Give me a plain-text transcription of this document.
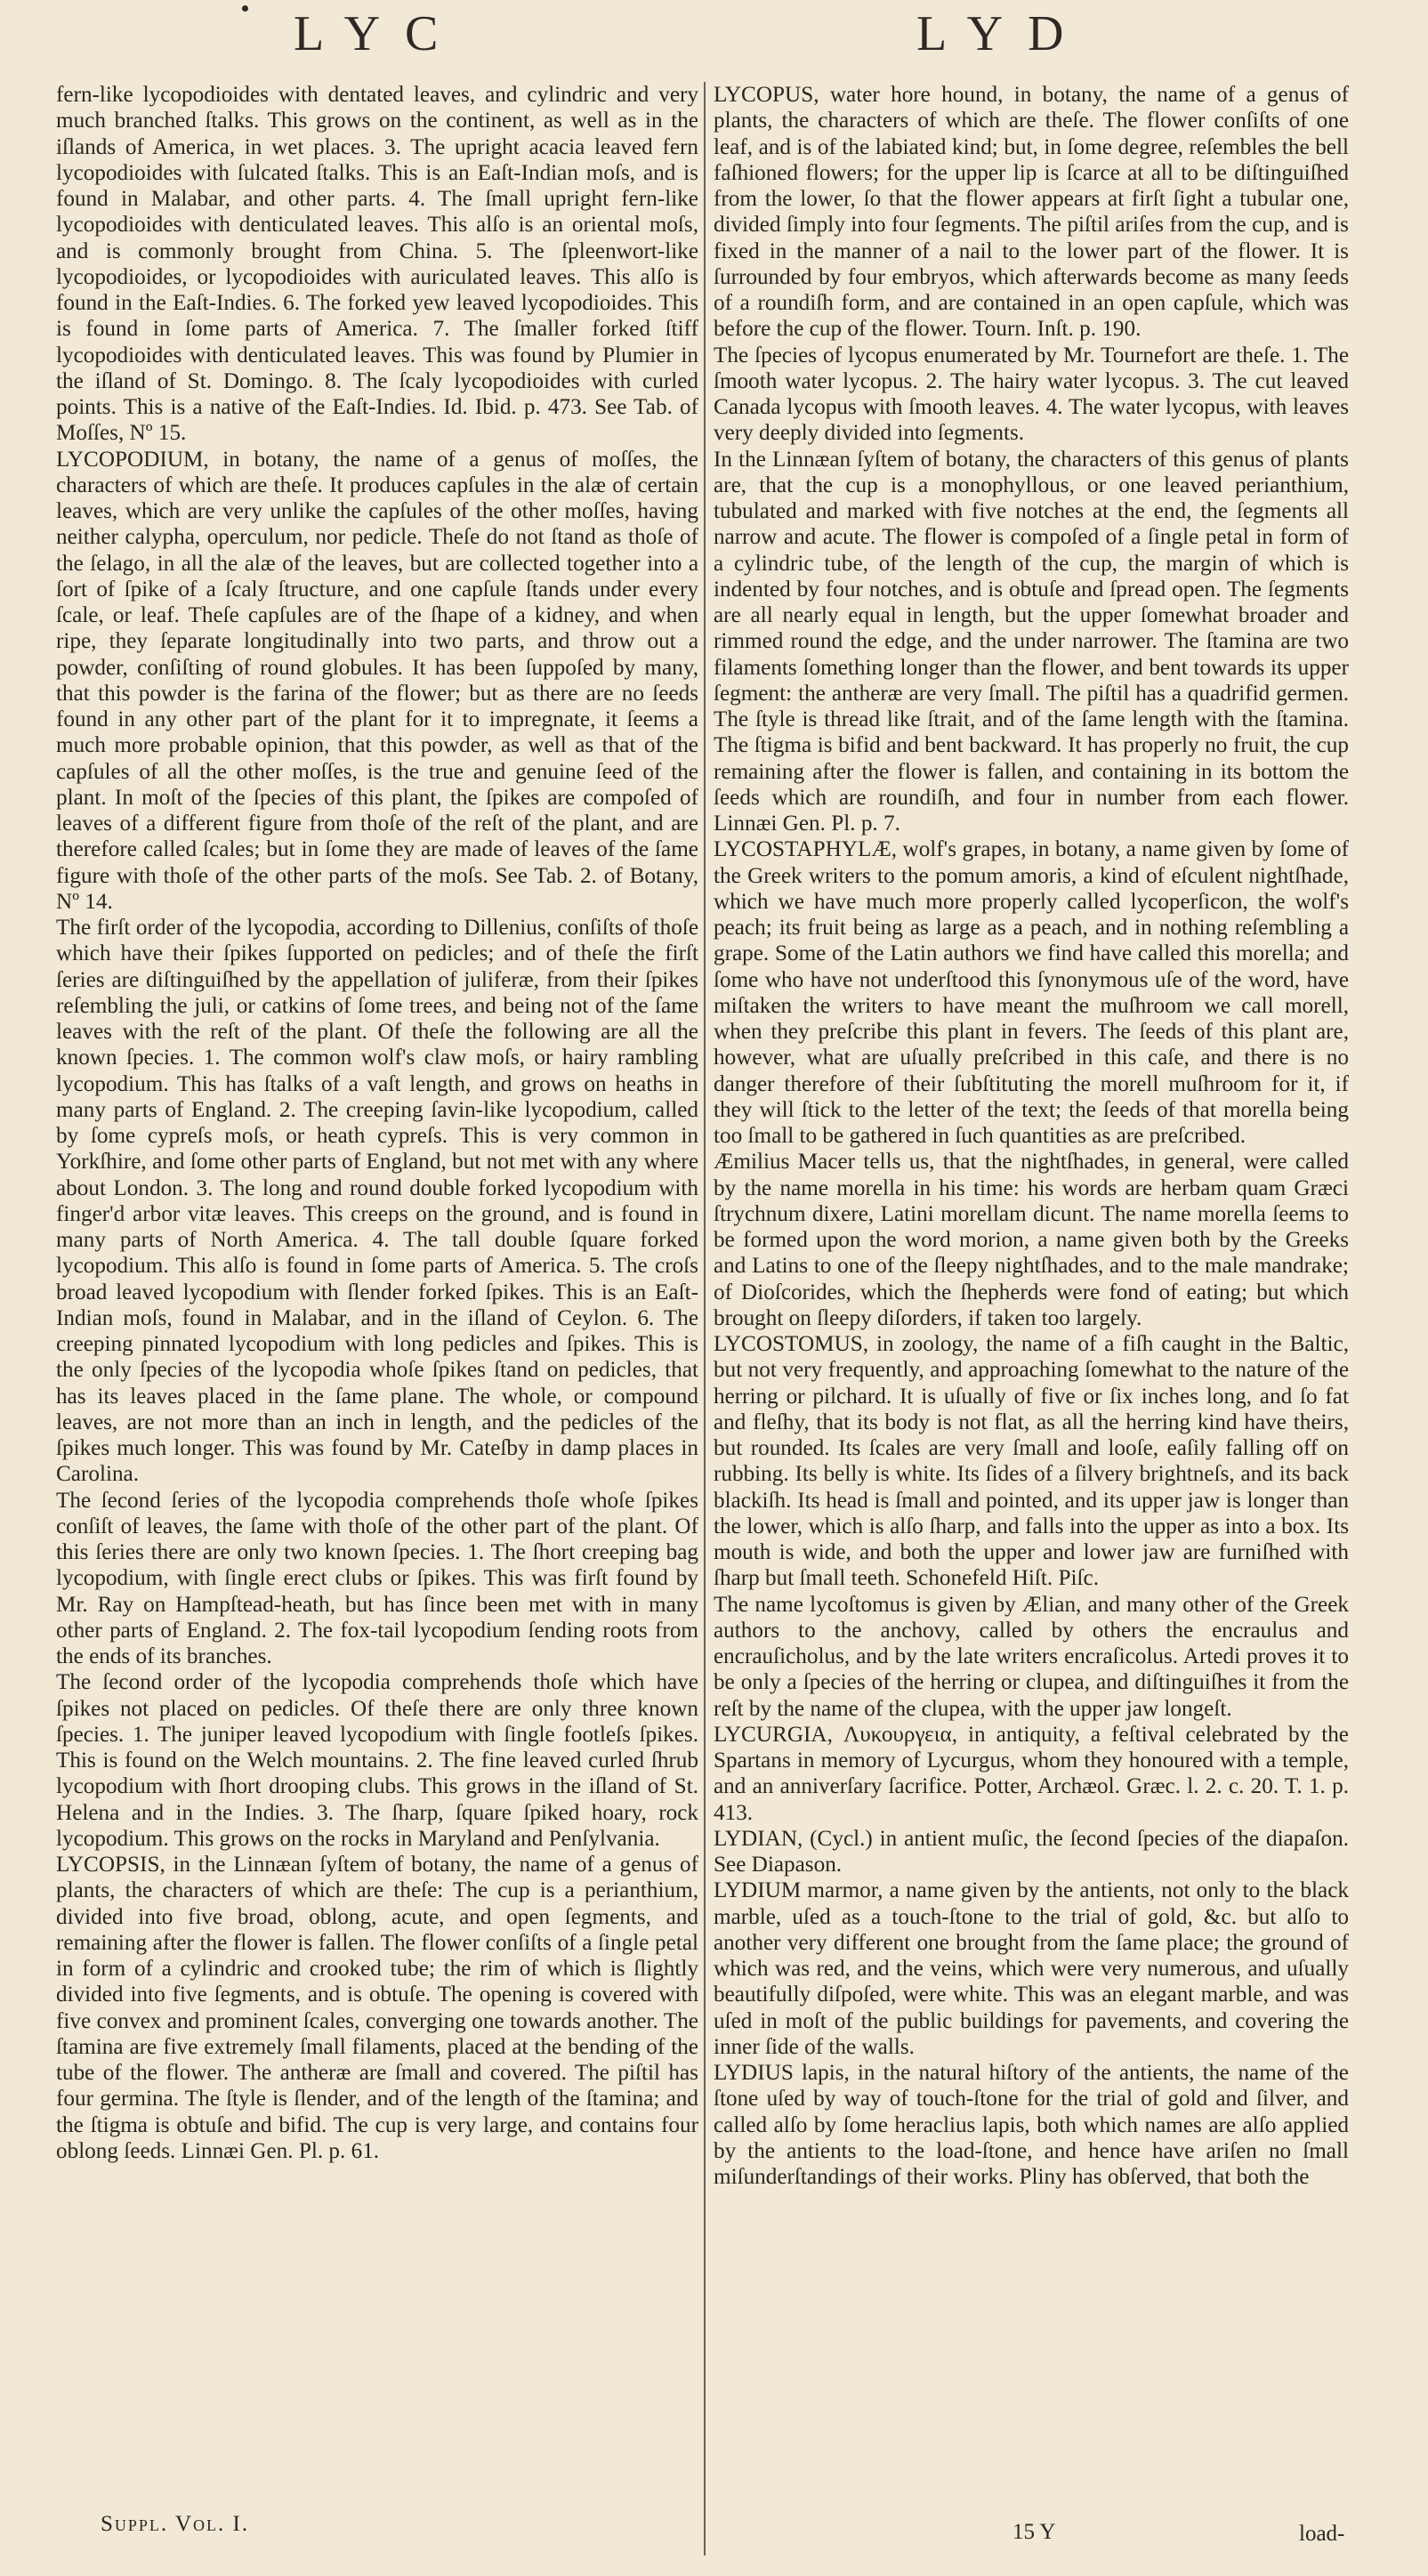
LYC	LYD

fern-like lycopodioides with dentated leaves, and cylindric and very much branched ſtalks. This grows on the continent, as well as in the iſlands of America, in wet places. 3. The upright acacia leaved fern lycopodioides with ſulcated ſtalks. This is an Eaſt-Indian moſs, and is found in Malabar, and other parts. 4. The ſmall upright fern-like lycopodioides with denticulated leaves. This alſo is an oriental moſs, and is commonly brought from China. 5. The ſpleenwort-like lycopodioides, or lycopodioides with auriculated leaves. This alſo is found in the Eaſt-Indies. 6. The forked yew leaved lycopodioides. This is found in ſome parts of America. 7. The ſmaller forked ſtiff lycopodioides with denticulated leaves. This was found by Plumier in the iſland of St. Domingo. 8. The ſcaly lycopodioides with curled points. This is a native of the Eaſt-Indies. Id. Ibid. p. 473. See Tab. of Moſſes, Nº 15.

LYCOPODIUM, in botany, the name of a genus of moſſes, the characters of which are theſe. It produces capſules in the alæ of certain leaves, which are very unlike the capſules of the other moſſes, having neither calypha, operculum, nor pedicle. Theſe do not ſtand as thoſe of the ſelago, in all the alæ of the leaves, but are collected together into a ſort of ſpike of a ſcaly ſtructure, and one capſule ſtands under every ſcale, or leaf. Theſe capſules are of the ſhape of a kidney, and when ripe, they ſeparate longitudinally into two parts, and throw out a powder, conſiſting of round globules. It has been ſuppoſed by many, that this powder is the farina of the flower; but as there are no ſeeds found in any other part of the plant for it to impregnate, it ſeems a much more probable opinion, that this powder, as well as that of the capſules of all the other moſſes, is the true and genuine ſeed of the plant. In moſt of the ſpecies of this plant, the ſpikes are compoſed of leaves of a different figure from thoſe of the reſt of the plant, and are therefore called ſcales; but in ſome they are made of leaves of the ſame figure with thoſe of the other parts of the moſs. See Tab. 2. of Botany, Nº 14.

The firſt order of the lycopodia, according to Dillenius, conſiſts of thoſe which have their ſpikes ſupported on pedicles; and of theſe the firſt ſeries are diſtinguiſhed by the appellation of juliferæ, from their ſpikes reſembling the juli, or catkins of ſome trees, and being not of the ſame leaves with the reſt of the plant. Of theſe the following are all the known ſpecies. 1. The common wolf's claw moſs, or hairy rambling lycopodium. This has ſtalks of a vaſt length, and grows on heaths in many parts of England. 2. The creeping ſavin-like lycopodium, called by ſome cypreſs moſs, or heath cypreſs. This is very common in Yorkſhire, and ſome other parts of England, but not met with any where about London. 3. The long and round double forked lycopodium with finger'd arbor vitæ leaves. This creeps on the ground, and is found in many parts of North America. 4. The tall double ſquare forked lycopodium. This alſo is found in ſome parts of America. 5. The croſs broad leaved lycopodium with ſlender forked ſpikes. This is an Eaſt-Indian moſs, found in Malabar, and in the iſland of Ceylon. 6. The creeping pinnated lycopodium with long pedicles and ſpikes. This is the only ſpecies of the lycopodia whoſe ſpikes ſtand on pedicles, that has its leaves placed in the ſame plane. The whole, or compound leaves, are not more than an inch in length, and the pedicles of the ſpikes much longer. This was found by Mr. Cateſby in damp places in Carolina.

The ſecond ſeries of the lycopodia comprehends thoſe whoſe ſpikes conſiſt of leaves, the ſame with thoſe of the other part of the plant. Of this ſeries there are only two known ſpecies. 1. The ſhort creeping bag lycopodium, with ſingle erect clubs or ſpikes. This was firſt found by Mr. Ray on Hampſtead-heath, but has ſince been met with in many other parts of England. 2. The fox-tail lycopodium ſending roots from the ends of its branches.

The ſecond order of the lycopodia comprehends thoſe which have ſpikes not placed on pedicles. Of theſe there are only three known ſpecies. 1. The juniper leaved lycopodium with ſingle footleſs ſpikes. This is found on the Welch mountains. 2. The fine leaved curled ſhrub lycopodium with ſhort drooping clubs. This grows in the iſland of St. Helena and in the Indies. 3. The ſharp, ſquare ſpiked hoary, rock lycopodium. This grows on the rocks in Maryland and Penſylvania.

LYCOPSIS, in the Linnæan ſyſtem of botany, the name of a genus of plants, the characters of which are theſe: The cup is a perianthium, divided into five broad, oblong, acute, and open ſegments, and remaining after the flower is fallen. The flower conſiſts of a ſingle petal in form of a cylindric and crooked tube; the rim of which is ſlightly divided into five ſegments, and is obtuſe. The opening is covered with five convex and prominent ſcales, converging one towards another. The ſtamina are five extremely ſmall filaments, placed at the bending of the tube of the flower. The antheræ are ſmall and covered. The piſtil has four germina. The ſtyle is ſlender, and of the length of the ſtamina; and the ſtigma is obtuſe and bifid. The cup is very large, and contains four oblong ſeeds. Linnæi Gen. Pl. p. 61.

LYCOPUS, water hore hound, in botany, the name of a genus of plants, the characters of which are theſe. The flower conſiſts of one leaf, and is of the labiated kind; but, in ſome degree, reſembles the bell faſhioned flowers; for the upper lip is ſcarce at all to be diſtinguiſhed from the lower, ſo that the flower appears at firſt ſight a tubular one, divided ſimply into four ſegments. The piſtil ariſes from the cup, and is fixed in the manner of a nail to the lower part of the flower. It is ſurrounded by four embryos, which afterwards become as many ſeeds of a roundiſh form, and are contained in an open capſule, which was before the cup of the flower. Tourn. Inſt. p. 190.

The ſpecies of lycopus enumerated by Mr. Tournefort are theſe. 1. The ſmooth water lycopus. 2. The hairy water lycopus. 3. The cut leaved Canada lycopus with ſmooth leaves. 4. The water lycopus, with leaves very deeply divided into ſegments.

In the Linnæan ſyſtem of botany, the characters of this genus of plants are, that the cup is a monophyllous, or one leaved perianthium, tubulated and marked with five notches at the end, the ſegments all narrow and acute. The flower is compoſed of a ſingle petal in form of a cylindric tube, of the length of the cup, the margin of which is indented by four notches, and is obtuſe and ſpread open. The ſegments are all nearly equal in length, but the upper ſomewhat broader and rimmed round the edge, and the under narrower. The ſtamina are two filaments ſomething longer than the flower, and bent towards its upper ſegment: the antheræ are very ſmall. The piſtil has a quadrifid germen. The ſtyle is thread like ſtrait, and of the ſame length with the ſtamina. The ſtigma is bifid and bent backward. It has properly no fruit, the cup remaining after the flower is fallen, and containing in its bottom the ſeeds which are roundiſh, and four in number from each flower. Linnæi Gen. Pl. p. 7.

LYCOSTAPHYLÆ, wolf's grapes, in botany, a name given by ſome of the Greek writers to the pomum amoris, a kind of eſculent nightſhade, which we have much more properly called lycoperſicon, the wolf's peach; its fruit being as large as a peach, and in nothing reſembling a grape. Some of the Latin authors we find have called this morella; and ſome who have not underſtood this ſynonymous uſe of the word, have miſtaken the writers to have meant the muſhroom we call morell, when they preſcribe this plant in fevers. The ſeeds of this plant are, however, what are uſually preſcribed in this caſe, and there is no danger therefore of their ſubſtituting the morell muſhroom for it, if they will ſtick to the letter of the text; the ſeeds of that morella being too ſmall to be gathered in ſuch quantities as are preſcribed.

Æmilius Macer tells us, that the nightſhades, in general, were called by the name morella in his time: his words are herbam quam Græci ſtrychnum dixere, Latini morellam dicunt. The name morella ſeems to be formed upon the word morion, a name given both by the Greeks and Latins to one of the ſleepy nightſhades, and to the male mandrake; of Dioſcorides, which the ſhepherds were fond of eating; but which brought on ſleepy diſorders, if taken too largely.

LYCOSTOMUS, in zoology, the name of a fiſh caught in the Baltic, but not very frequently, and approaching ſomewhat to the nature of the herring or pilchard. It is uſually of five or ſix inches long, and ſo fat and fleſhy, that its body is not flat, as all the herring kind have theirs, but rounded. Its ſcales are very ſmall and looſe, eaſily falling off on rubbing. Its belly is white. Its ſides of a ſilvery brightneſs, and its back blackiſh. Its head is ſmall and pointed, and its upper jaw is longer than the lower, which is alſo ſharp, and falls into the upper as into a box. Its mouth is wide, and both the upper and lower jaw are furniſhed with ſharp but ſmall teeth. Schonefeld Hiſt. Piſc.

The name lycoſtomus is given by Ælian, and many other of the Greek authors to the anchovy, called by others the encraulus and encrauſicholus, and by the late writers encraſicolus. Artedi proves it to be only a ſpecies of the herring or clupea, and diſtinguiſhes it from the reſt by the name of the clupea, with the upper jaw longeſt.

LYCURGIA, Λυκουργεια, in antiquity, a feſtival celebrated by the Spartans in memory of Lycurgus, whom they honoured with a temple, and an anniverſary ſacrifice. Potter, Archæol. Græc. l. 2. c. 20. T. 1. p. 413.

LYDIAN, (Cycl.) in antient muſic, the ſecond ſpecies of the diapaſon. See Diapason.

LYDIUM marmor, a name given by the antients, not only to the black marble, uſed as a touch-ſtone to the trial of gold, &c. but alſo to another very different one brought from the ſame place; the ground of which was red, and the veins, which were very numerous, and uſually beautifully diſpoſed, were white. This was an elegant marble, and was uſed in moſt of the public buildings for pavements, and covering the inner ſide of the walls.

LYDIUS lapis, in the natural hiſtory of the antients, the name of the ſtone uſed by way of touch-ſtone for the trial of gold and ſilver, and called alſo by ſome heraclius lapis, both which names are alſo applied by the antients to the load-ſtone, and hence have ariſen no ſmall miſunderſtandings of their works. Pliny has obſerved, that both the

Suppl. Vol. I.	15 Y	load-
